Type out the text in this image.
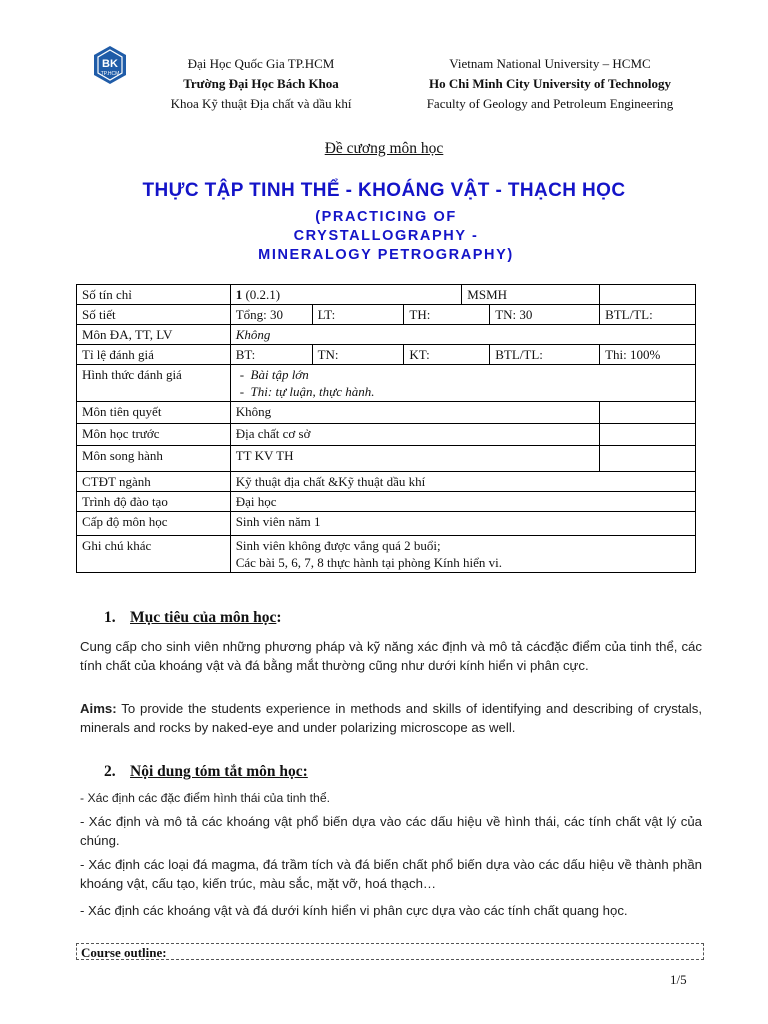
BK
TP.HCM
Đại Học Quốc Gia TP.HCM
Trường Đại Học Bách Khoa
Khoa Kỹ thuật Địa chất và dầu khí
Vietnam National University – HCMC
Ho Chi Minh City University of Technology
Faculty of Geology and Petroleum Engineering
Đề cương môn học
THỰC TẬP TINH THỂ - KHOÁNG VẬT - THẠCH HỌC
(PRACTICING OF CRYSTALLOGRAPHY - MINERALOGY PETROGRAPHY)
Số tín chỉ	1 (0.2.1)			MSMH		
Số tiết	Tổng: 30	LT:	TH:		TN: 30	BTL/TL:
Môn ĐA, TT, LV	Không					
Tỉ lệ đánh giá	BT:	TN:	KT:		BTL/TL:	Thi: 100%
Hình thức đánh giá	-  Bài tập lớn
-  Thi: tự luận, thực hành.					

Môn tiên quyết	Không					
Môn học trước	Địa chất cơ sở					
Môn song hành	TT KV TH					
CTĐT ngành	Kỹ thuật địa chất &Kỹ thuật dầu khí					
Trình độ đào tạo	Đại học					
Cấp độ môn học	Sinh viên năm 1					
Ghi chú khác	Sinh viên không được vắng quá 2 buổi;
Các bài 5, 6, 7, 8 thực hành tại phòng Kính hiển vi.					
1. Mục tiêu của môn học:
Cung cấp cho sinh viên những phương pháp và kỹ năng xác định và mô tả cácđặc điểm của tinh thể, các tính chất của khoáng vật và đá bằng mắt thường cũng như dưới kính hiển vi phân cực.
Aims: To provide the students experience in methods and skills of identifying and describing of crystals, minerals and rocks by naked-eye and under polarizing microscope as well.
2. Nội dung tóm tắt môn học:
- Xác định các đặc điểm hình thái của tinh thể.
- Xác định và mô tả các khoáng vật phổ biến dựa vào các dấu hiệu về hình thái, các tính chất vật lý của chúng.
- Xác định các loại đá magma, đá trầm tích và đá biến chất phổ biến dựa vào các dấu hiệu về thành phần khoáng vật, cấu tạo, kiến trúc, màu sắc, mặt vỡ, hoá thạch…
- Xác định các khoáng vật và đá dưới kính hiển vi phân cực dựa vào các tính chất quang học.
Course outline:
1/5
